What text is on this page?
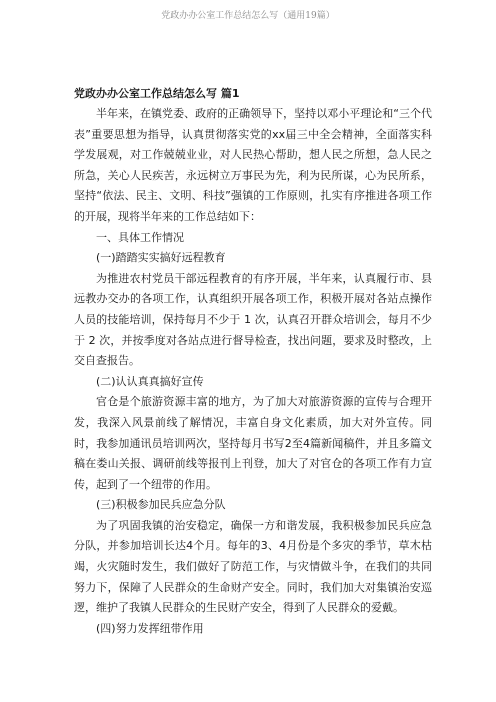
党政办办公室工作总结怎么写（通用19篇）
党政办办公室工作总结怎么写 篇1

半年来，在镇党委、政府的正确领导下，坚持以邓小平理论和“三个代表”重要思想为指导，认真贯彻落实党的xx届三中全会精神，全面落实科学发展观，对工作兢兢业业，对人民热心帮助，想人民之所想，急人民之所急，关心人民疾苦，永远树立万事民为先，利为民所谋，心为民所系，坚持“依法、民主、文明、科技”强镇的工作原则，扎实有序推进各项工作的开展，现将半年来的工作总结如下：

一、具体工作情况

(一)踏踏实实搞好远程教育

为推进农村党员干部远程教育的有序开展，半年来，认真履行市、县远教办交办的各项工作，认真组织开展各项工作，积极开展对各站点操作人员的技能培训，保持每月不少于 1 次，认真召开群众培训会，每月不少于 2 次，并按季度对各站点进行督导检查，找出问题，要求及时整改，上交自查报告。

(二)认认真真搞好宣传

官仓是个旅游资源丰富的地方，为了加大对旅游资源的宣传与合理开发，我深入风景前线了解情况，丰富自身文化素质，加大对外宣传。同时，我参加通讯员培训两次，坚持每月书写2至4篇新闻稿件，并且多篇文稿在娄山关报、调研前线等报刊上刊登，加大了对官仓的各项工作有力宣传，起到了一个纽带的作用。

(三)积极参加民兵应急分队

为了巩固我镇的治安稳定，确保一方和谐发展，我积极参加民兵应急分队，并参加培训长达4个月。每年的3、4月份是个多灾的季节，草木枯竭，火灾随时发生，我们做好了防范工作，与灾情做斗争，在我们的共同努力下，保障了人民群众的生命财产安全。同时，我们加大对集镇治安巡逻，维护了我镇人民群众的生民财产安全，得到了人民群众的爱戴。

(四)努力发挥纽带作用
